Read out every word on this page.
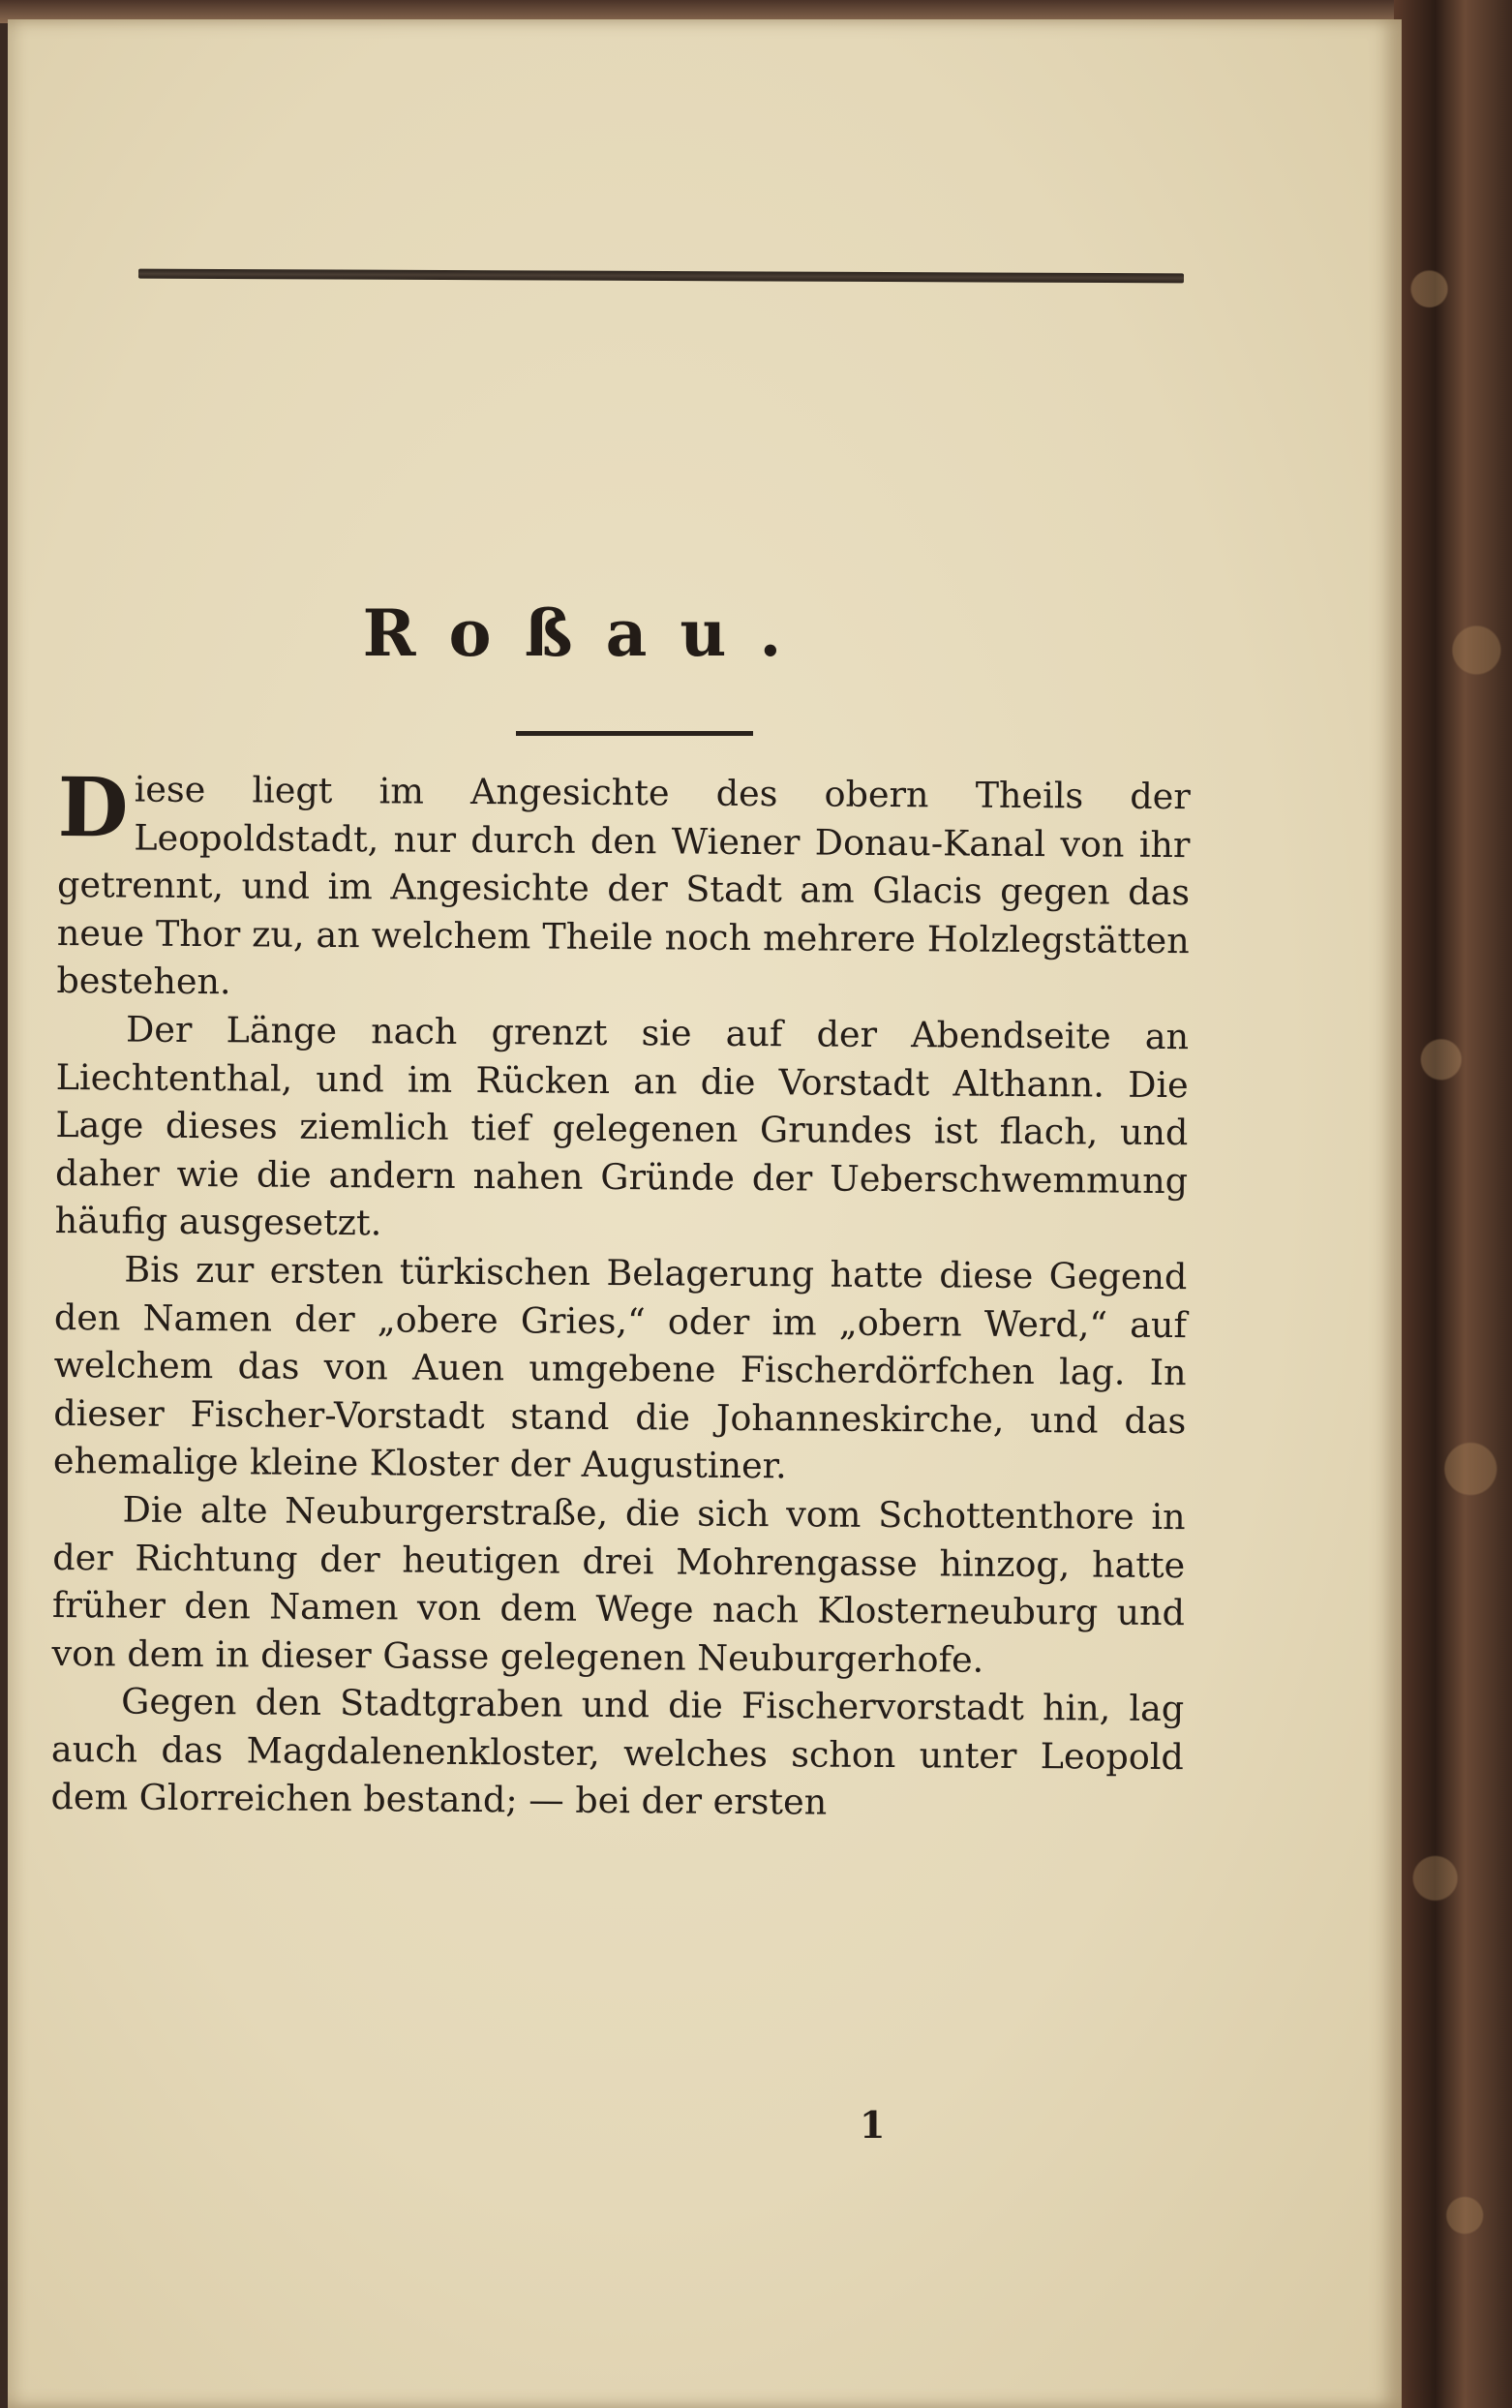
Roßau.

Diese liegt im Angesichte des obern Theils der Leopoldstadt, nur durch den Wiener Donau-Kanal von ihr getrennt, und im Angesichte der Stadt am Glacis gegen das neue Thor zu, an welchem Theile noch mehrere Holzlegstätten bestehen.

Der Länge nach grenzt sie auf der Abendseite an Liechtenthal, und im Rücken an die Vorstadt Althann. Die Lage dieses ziemlich tief gelegenen Grundes ist flach, und daher wie die andern nahen Gründe der Ueberschwemmung häufig ausgesetzt.

Bis zur ersten türkischen Belagerung hatte diese Gegend den Namen der „obere Gries,“ oder im „obern Werd,“ auf welchem das von Auen umgebene Fischerdörfchen lag. In dieser Fischer-Vorstadt stand die Johanneskirche, und das ehemalige kleine Kloster der Augustiner.

Die alte Neuburgerstraße, die sich vom Schottenthore in der Richtung der heutigen drei Mohrengasse hinzog, hatte früher den Namen von dem Wege nach Klosterneuburg und von dem in dieser Gasse gelegenen Neuburgerhofe.

Gegen den Stadtgraben und die Fischervorstadt hin, lag auch das Magdalenenkloster, welches schon unter Leopold dem Glorreichen bestand; — bei der ersten

1
